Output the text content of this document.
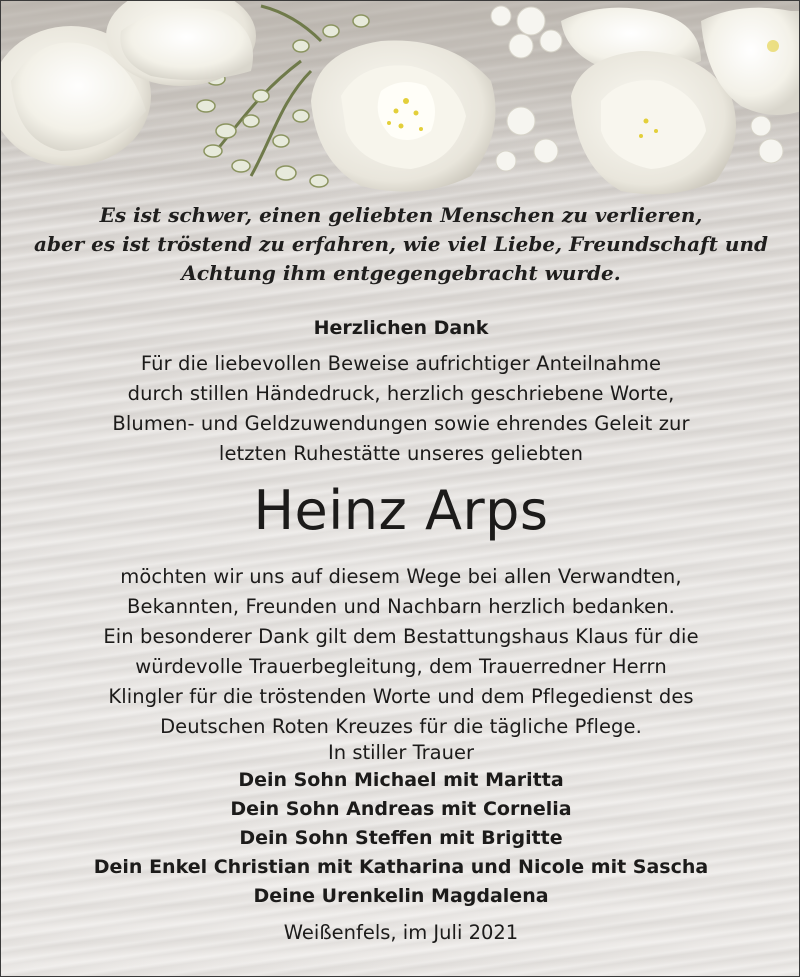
Es ist schwer, einen geliebten Menschen zu verlieren,
aber es ist tröstend zu erfahren, wie viel Liebe, Freundschaft und
Achtung ihm entgegengebracht wurde.
Herzlichen Dank
Für die liebevollen Beweise aufrichtiger Anteilnahme
durch stillen Händedruck, herzlich geschriebene Worte,
Blumen- und Geldzuwendungen sowie ehrendes Geleit zur
letzten Ruhestätte unseres geliebten
Heinz Arps
möchten wir uns auf diesem Wege bei allen Verwandten,
Bekannten, Freunden und Nachbarn herzlich bedanken.
Ein besonderer Dank gilt dem Bestattungshaus Klaus für die
würdevolle Trauerbegleitung, dem Trauerredner Herrn
Klingler für die tröstenden Worte und dem Pflegedienst des
Deutschen Roten Kreuzes für die tägliche Pflege.
In stiller Trauer
Dein Sohn Michael mit Maritta
Dein Sohn Andreas mit Cornelia
Dein Sohn Steffen mit Brigitte
Dein Enkel Christian mit Katharina und Nicole mit Sascha
Deine Urenkelin Magdalena
Weißenfels, im Juli 2021
